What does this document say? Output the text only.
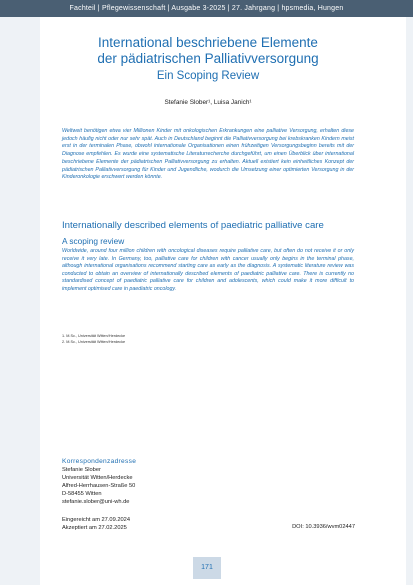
Fachteil | Pflegewissenschaft | Ausgabe 3-2025 | 27. Jahrgang | hpsmedia, Hungen
International beschriebene Elemente
der pädiatrischen Palliativversorgung
Ein Scoping Review
Stefanie Slober¹, Luisa Janich¹
Weltweit benötigen etwa vier Millionen Kinder mit onkologischen Erkrankungen eine palliative Versorgung, erhalten diese jedoch häufig nicht oder nur sehr spät. Auch in Deutschland beginnt die Palliativversorgung bei krebskranken Kindern meist erst in der terminalen Phase, obwohl internationale Organisationen einen frühzeitigen Versorgungsbeginn bereits mit der Diagnose empfehlen. Es wurde eine systematische Literaturrecherche durchgeführt, um einen Überblick über international beschriebene Elemente der pädiatrischen Palliativversorgung zu erhalten. Aktuell existiert kein einheitliches Konzept der pädiatrischen Palliativversorgung für Kinder und Jugendliche, wodurch die Umsetzung einer optimierten Versorgung in der Kinderonkologie erschwert werden könnte.
Internationally described elements of paediatric palliative care
A scoping review
Worldwide, around four million children with oncological diseases require palliative care, but often do not receive it or only receive it very late. In Germany, too, palliative care for children with cancer usually only begins in the terminal phase, although international organisations recommend starting care as early as the diagnosis. A systematic literature review was conducted to obtain an overview of internationally described elements of paediatric palliative care. There is currently no standardised concept of paediatric palliative care for children and adolescents, which could make it more difficult to implement optimised care in paediatric oncology.
1. M.Sc., Universität Witten/Herdecke
2. M.Sc., Universität Witten/Herdecke
Korrespondenzadresse
Stefanie Slober
Universität Witten/Herdecke
Alfred-Herrhausen-Straße 50
D-58455 Witten
stefanie.slober@uni-wh.de
Eingereicht am 27.09.2024
Akzeptiert am 27.02.2025	DOI: 10.3936/wvm02447
171
